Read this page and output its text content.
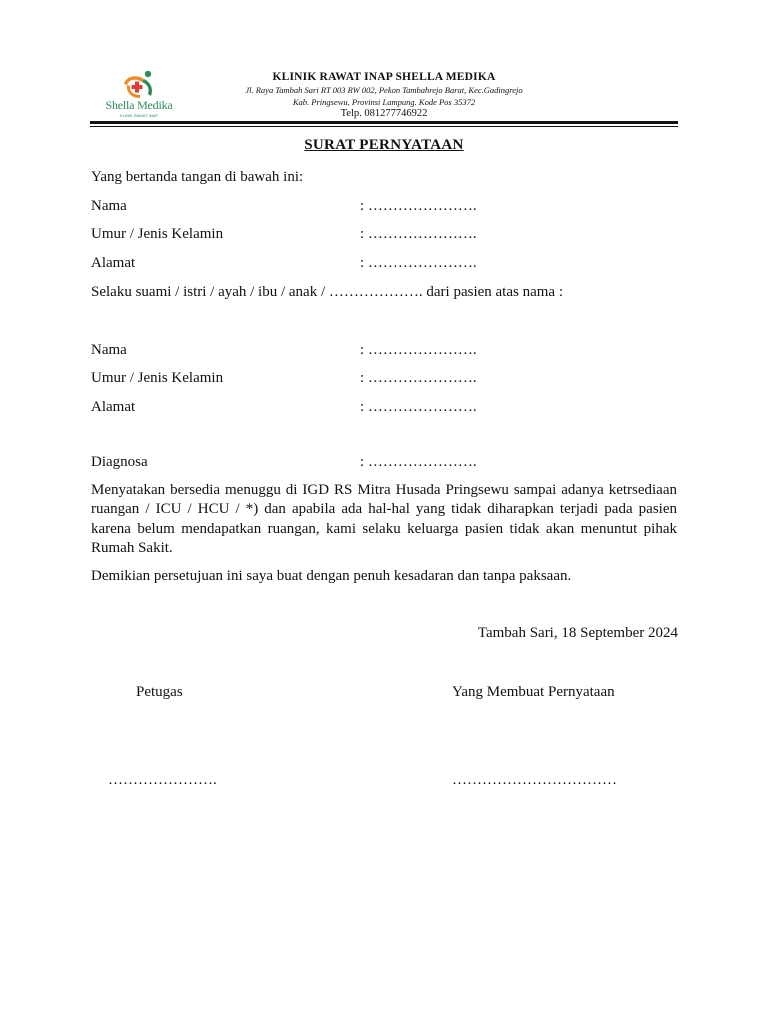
Shella Medika
KLINIK RAWAT INAP
KLINIK RAWAT INAP SHELLA MEDIKA
Jl. Raya Tambah Sari RT 003 RW 002, Pekon Tambahrejo Barat, Kec.Gadingrejo
Kab. Pringsewu, Provinsi Lampung. Kode Pos 35372
Telp. 081277746922
SURAT PERNYATAAN
Yang bertanda tangan di bawah ini:
Nama	: ………………….
Umur / Jenis Kelamin	: ………………….
Alamat	: ………………….
Selaku suami / istri / ayah / ibu / anak / ………………. dari pasien atas nama :
Nama	: ………………….
Umur / Jenis Kelamin	: ………………….
Alamat	: ………………….
Diagnosa	: ………………….
Menyatakan bersedia menuggu di IGD RS Mitra Husada Pringsewu sampai adanya ketrsediaan ruangan / ICU / HCU / *) dan apabila ada hal-hal yang tidak diharapkan terjadi pada pasien karena belum mendapatkan ruangan, kami selaku keluarga pasien tidak akan menuntut pihak Rumah Sakit.
Demikian persetujuan ini saya buat dengan penuh kesadaran dan tanpa paksaan.
Tambah Sari, 18 September 2024
Petugas	Yang Membuat Pernyataan
………………….	……………………………
